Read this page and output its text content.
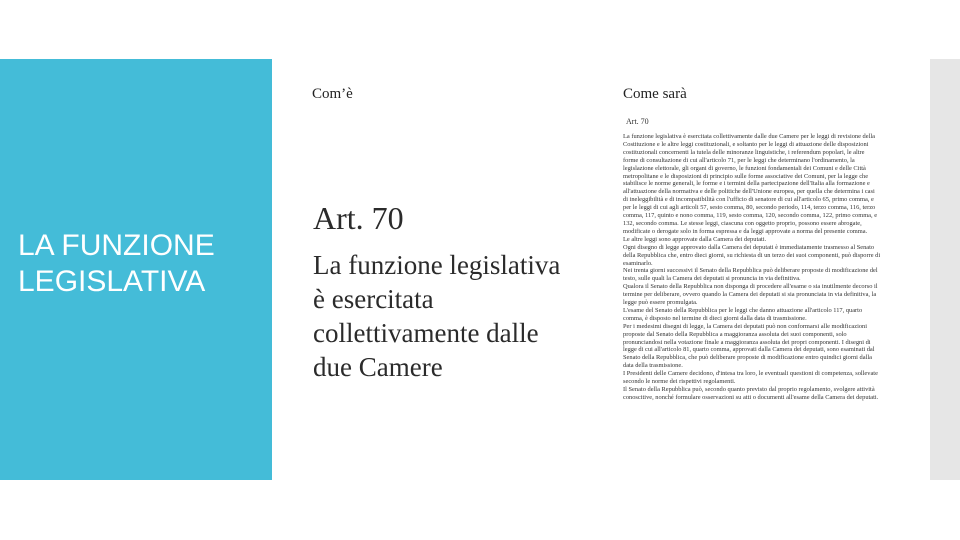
LA FUNZIONE LEGISLATIVA
Com’è	Come sarà
Art. 70

Art. 70

La funzione legislativa è esercitata collettivamente dalle due Camere

La funzione legislativa è esercitata collettivamente dalle due Camere per le leggi di revisione della Costituzione e le altre leggi costituzionali, e soltanto per le leggi di attuazione delle disposizioni costituzionali concernenti la tutela delle minoranze linguistiche, i referendum popolari, le altre forme di consultazione di cui all'articolo 71, per le leggi che determinano l'ordinamento, la legislazione elettorale, gli organi di governo, le funzioni fondamentali dei Comuni e delle Città metropolitane e le disposizioni di principio sulle forme associative dei Comuni, per la legge che stabilisce le norme generali, le forme e i termini della partecipazione dell'Italia alla formazione e all'attuazione della normativa e delle politiche dell'Unione europea, per quella che determina i casi di ineleggibilità e di incompatibilità con l'ufficio di senatore di cui all'articolo 65, primo comma, e per le leggi di cui agli articoli 57, sesto comma, 80, secondo periodo, 114, terzo comma, 116, terzo comma, 117, quinto e nono comma, 119, sesto comma, 120, secondo comma, 122, primo comma, e 132, secondo comma. Le stesse leggi, ciascuna con oggetto proprio, possono essere abrogate, modificate o derogate solo in forma espressa e da leggi approvate a norma del presente comma.

Le altre leggi sono approvate dalla Camera dei deputati.

Ogni disegno di legge approvato dalla Camera dei deputati è immediatamente trasmesso al Senato della Repubblica che, entro dieci giorni, su richiesta di un terzo dei suoi componenti, può disporre di esaminarlo.

Nei trenta giorni successivi il Senato della Repubblica può deliberare proposte di modificazione del testo, sulle quali la Camera dei deputati si pronuncia in via definitiva.

Qualora il Senato della Repubblica non disponga di procedere all'esame o sia inutilmente decorso il termine per deliberare, ovvero quando la Camera dei deputati si sia pronunciata in via definitiva, la legge può essere promulgata.

L'esame del Senato della Repubblica per le leggi che danno attuazione all'articolo 117, quarto comma, è disposto nel termine di dieci giorni dalla data di trasmissione.

Per i medesimi disegni di legge, la Camera dei deputati può non conformarsi alle modificazioni proposte dal Senato della Repubblica a maggioranza assoluta dei suoi componenti, solo pronunciandosi nella votazione finale a maggioranza assoluta dei propri componenti. I disegni di legge di cui all'articolo 81, quarto comma, approvati dalla Camera dei deputati, sono esaminati dal Senato della Repubblica, che può deliberare proposte di modificazione entro quindici giorni dalla data della trasmissione.

I Presidenti delle Camere decidono, d'intesa tra loro, le eventuali questioni di competenza, sollevate secondo le norme dei rispettivi regolamenti.

Il Senato della Repubblica può, secondo quanto previsto dal proprio regolamento, svolgere attività conoscitive, nonché formulare osservazioni su atti o documenti all'esame della Camera dei deputati.
